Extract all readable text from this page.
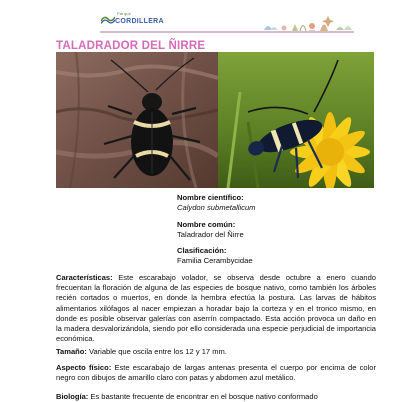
Parque
CORDILLERA
TALADRADOR DEL ÑIRRE
Nombre científico:
Calydon submetallicum
Nombre común:
Taladrador del Ñirre
Clasificación:
Familia Cerambycidae

Características: Este escarabajo volador, se observa desde octubre a enero cuando frecuentan la floración de alguna de las especies de bosque nativo, como también los árboles recién cortados o muertos, en donde la hembra efectúa la postura. Las larvas de hábitos alimentarios xilófagos al nacer empiezan a horadar bajo la corteza y en el tronco mismo, en donde es posible observar galerías con aserrín compactado. Esta acción provoca un daño en la madera desvalorizándola, siendo por ello considerada una especie perjudicial de importancia económica.

Tamaño: Variable que oscila entre los 12 y 17 mm.

Aspecto físico: Este escarabajo de largas antenas presenta el cuerpo por encima de color negro con dibujos de amarillo claro con patas y abdomen azul metálico.

Biología: Es bastante frecuente de encontrar en el bosque nativo conformado
